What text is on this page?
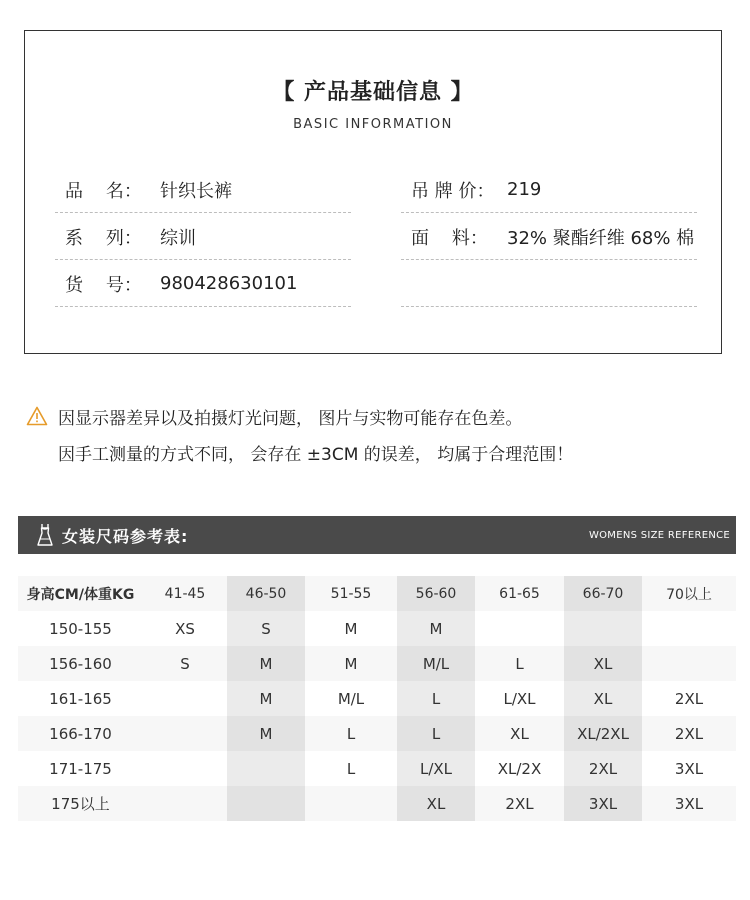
【 产品基础信息 】
BASIC INFORMATION
品    名：	针织长裤
系    列：	综训
货    号：	980428630101
吊 牌 价： 219
面    料：	32% 聚酯纤维 68% 棉
因显示器差异以及拍摄灯光问题， 图片与实物可能存在色差。
因手工测量的方式不同， 会存在 ±3CM 的误差， 均属于合理范围！
女装尺码参考表:	WOMENS SIZE REFERENCE
身高CM/体重KG	41-45	46-50	51-55	56-60	61-65	66-70	70以上
150-155	XS	S	M	M			
156-160	S	M	M	M/L	L	XL	
161-165		M	M/L	L	L/XL	XL	2XL
166-170		M	L	L	XL	XL/2XL	2XL
171-175			L	L/XL	XL/2X	2XL	3XL
175以上				XL	2XL	3XL	3XL
